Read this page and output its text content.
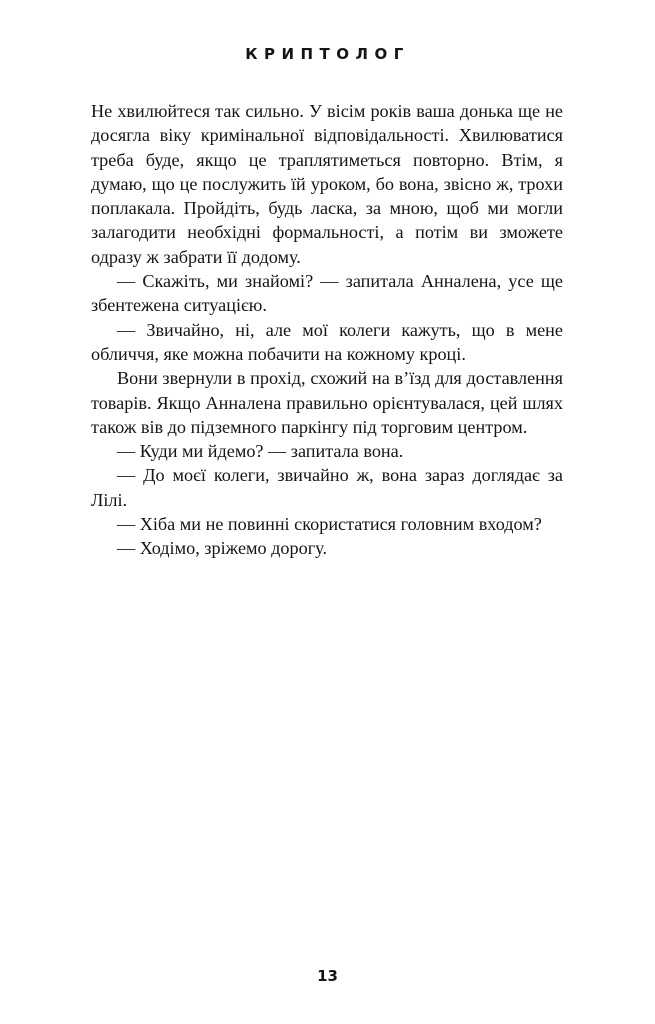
КРИПТОЛОГ

Не хвилюйтеся так сильно. У вісім років ваша донька ще не досягла віку кримінальної відповідальності. Хвилюватися треба буде, якщо це траплятиметься повторно. Втім, я думаю, що це послужить їй уроком, бо вона, звісно ж, трохи поплакала. Пройдіть, будь ласка, за мною, щоб ми могли залагодити необхідні формальності, а потім ви зможете одразу ж забрати її додому.

— Скажіть, ми знайомі? — запитала Анналена, усе ще збентежена ситуацією.

— Звичайно, ні, але мої колеги кажуть, що в мене обличчя, яке можна побачити на кожному кроці.

Вони звернули в прохід, схожий на в’їзд для доставлення товарів. Якщо Анналена правильно орієнтувалася, цей шлях також вів до підземного паркінгу під торговим центром.

— Куди ми йдемо? — запитала вона.

— До моєї колеги, звичайно ж, вона зараз доглядає за Лілі.

— Хіба ми не повинні скористатися головним входом?

— Ходімо, зріжемо дорогу.

13
